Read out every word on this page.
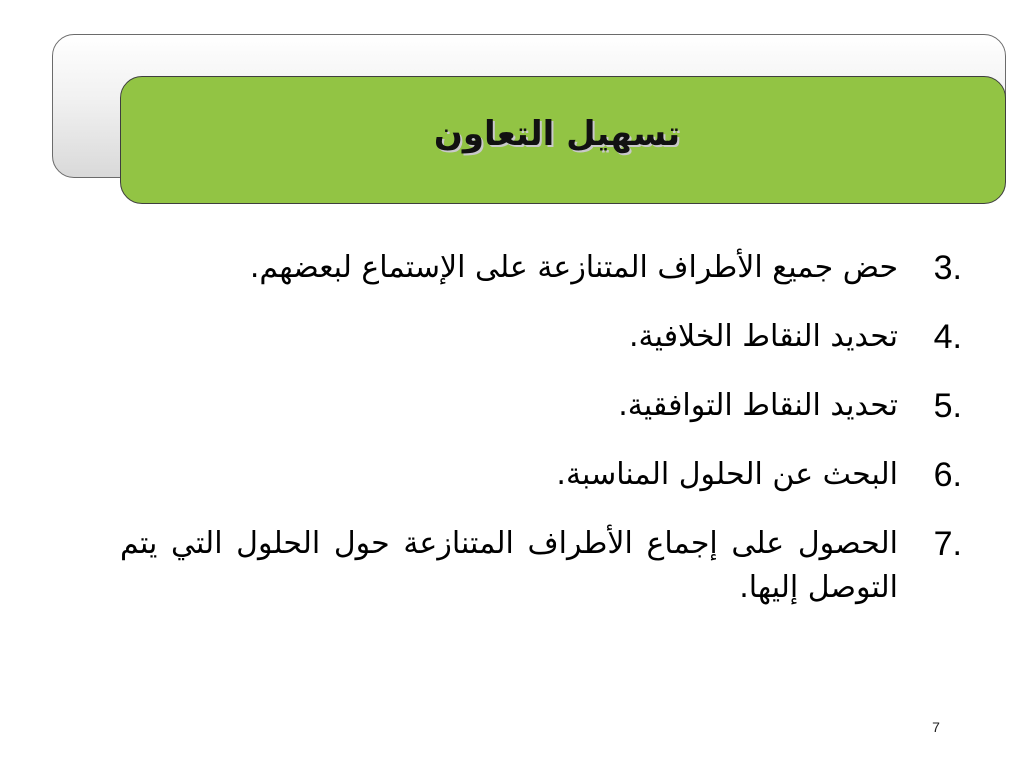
تسهيل التعاون
3.
حض جميع الأطراف المتنازعة على الإستماع لبعضهم.
4.
تحديد النقاط الخلافية.
5.
تحديد النقاط التوافقية.
6.
البحث عن الحلول المناسبة.
7.
الحصول على إجماع الأطراف المتنازعة حول الحلول التي يتم التوصل إليها.
7
